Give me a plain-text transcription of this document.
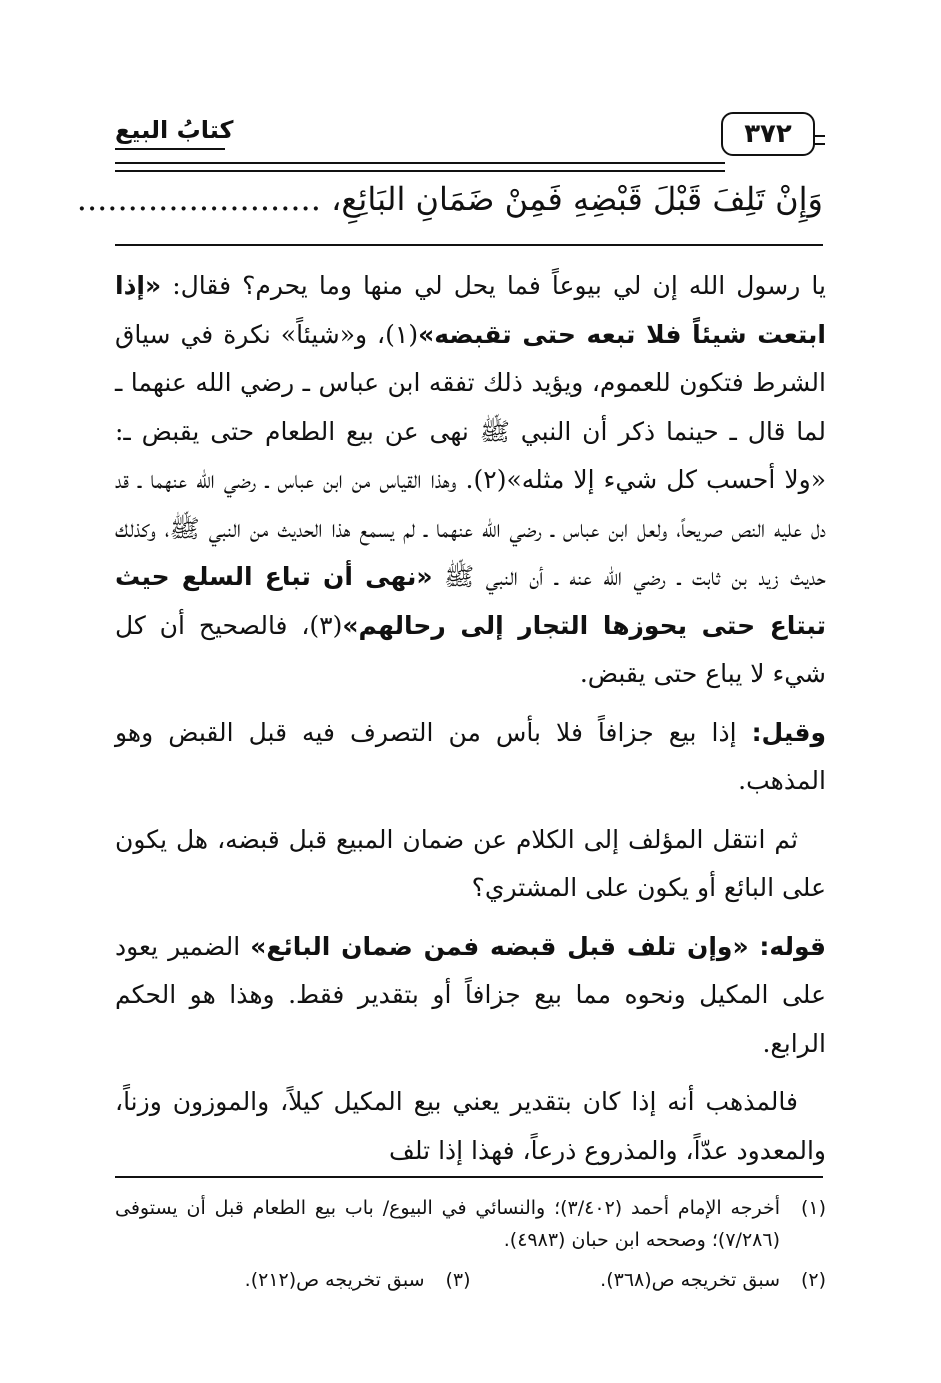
كتابُ البيع	٣٧٢
وَإِنْ تَلِفَ قَبْلَ قَبْضِهِ فَمِنْ ضَمَانِ البَائِعِ، ........................

يا رسول الله إن لي بيوعاً فما يحل لي منها وما يحرم؟ فقال: «إذا ابتعت شيئاً فلا تبعه حتى تقبضه»(١)، و«شيئاً» نكرة في سياق الشرط فتكون للعموم، ويؤيد ذلك تفقه ابن عباس ـ رضي الله عنهما ـ لما قال ـ حينما ذكر أن النبي ﷺ نهى عن بيع الطعام حتى يقبض ـ: «ولا أحسب كل شيء إلا مثله»(٢). وهذا القياس من ابن عباس ـ رضي الله عنهما ـ قد دل عليه النص صريحاً، ولعل ابن عباس ـ رضي الله عنهما ـ لم يسمع هذا الحديث من النبي ﷺ، وكذلك حديث زيد بن ثابت ـ رضي الله عنه ـ أن النبي ﷺ «نهى أن تباع السلع حيث تبتاع حتى يحوزها التجار إلى رحالهم»(٣)، فالصحيح أن كل شيء لا يباع حتى يقبض.

وقيل: إذا بيع جزافاً فلا بأس من التصرف فيه قبل القبض وهو المذهب.

ثم انتقل المؤلف إلى الكلام عن ضمان المبيع قبل قبضه، هل يكون على البائع أو يكون على المشتري؟

قوله: «وإن تلف قبل قبضه فمن ضمان البائع» الضمير يعود على المكيل ونحوه مما بيع جزافاً أو بتقدير فقط. وهذا هو الحكم الرابع.

فالمذهب أنه إذا كان بتقدير يعني بيع المكيل كيلاً، والموزون وزناً، والمعدود عدّاً، والمذروع ذرعاً، فهذا إذا تلف

(١)
أخرجه الإمام أحمد (٣/٤٠٢)؛ والنسائي في البيوع/ باب بيع الطعام قبل أن يستوفى (٧/٢٨٦)؛ وصححه ابن حبان (٤٩٨٣).
(٢)
سبق تخريجه ص(٣٦٨).
(٣)
سبق تخريجه ص(٢١٢).
